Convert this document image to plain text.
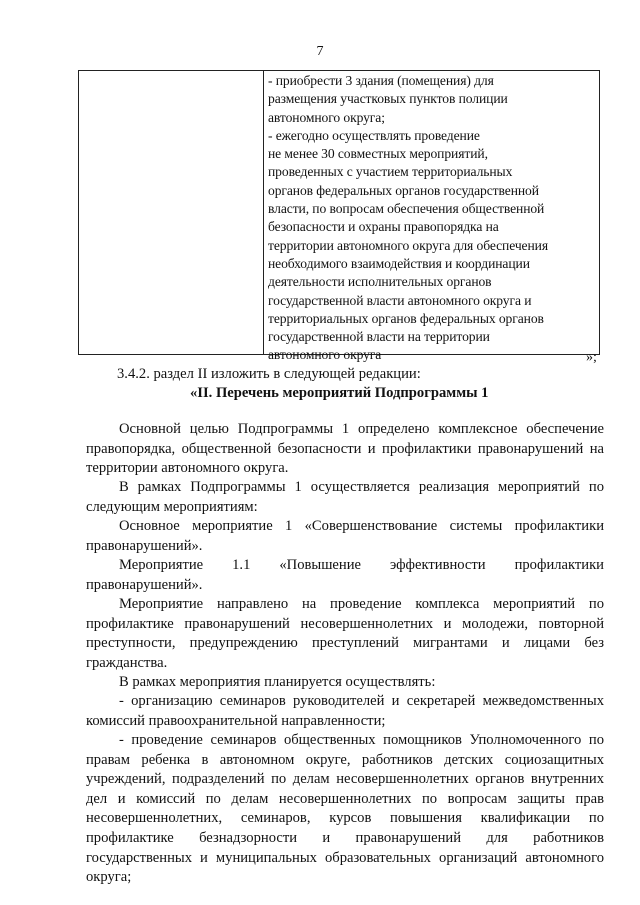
7
- приобрести 3 здания (помещения) для
размещения участковых пунктов полиции
автономного округа;
- ежегодно осуществлять проведение
не менее 30 совместных мероприятий,
проведенных с участием территориальных
органов федеральных органов государственной
власти, по вопросам обеспечения общественной
безопасности и охраны правопорядка на
территории автономного округа для обеспечения
необходимого взаимодействия и координации
деятельности исполнительных органов
государственной власти автономного округа и
территориальных органов федеральных органов
государственной власти на территории
автономного округа	»;
3.4.2. раздел II изложить в следующей редакции:
«II. Перечень мероприятий Подпрограммы 1
Основной целью Подпрограммы 1 определено комплексное обеспечение
правопорядка, общественной безопасности и профилактики правонарушений на
территории автономного округа.
В рамках Подпрограммы 1 осуществляется реализация мероприятий по
следующим мероприятиям:
Основное мероприятие 1 «Совершенствование системы профилактики
правонарушений».
Мероприятие 1.1 «Повышение эффективности профилактики
правонарушений».
Мероприятие направлено на проведение комплекса мероприятий по
профилактике правонарушений несовершеннолетних и молодежи, повторной
преступности, предупреждению преступлений мигрантами и лицами без
гражданства.
В рамках мероприятия планируется осуществлять:
- организацию семинаров руководителей и секретарей межведомственных
комиссий правоохранительной направленности;
- проведение семинаров общественных помощников Уполномоченного по
правам ребенка в автономном округе, работников детских социозащитных
учреждений, подразделений по делам несовершеннолетних органов внутренних
дел и комиссий по делам несовершеннолетних по вопросам защиты прав
несовершеннолетних, семинаров, курсов повышения квалификации по
профилактике безнадзорности и правонарушений для работников
государственных и муниципальных образовательных организаций автономного
округа;
